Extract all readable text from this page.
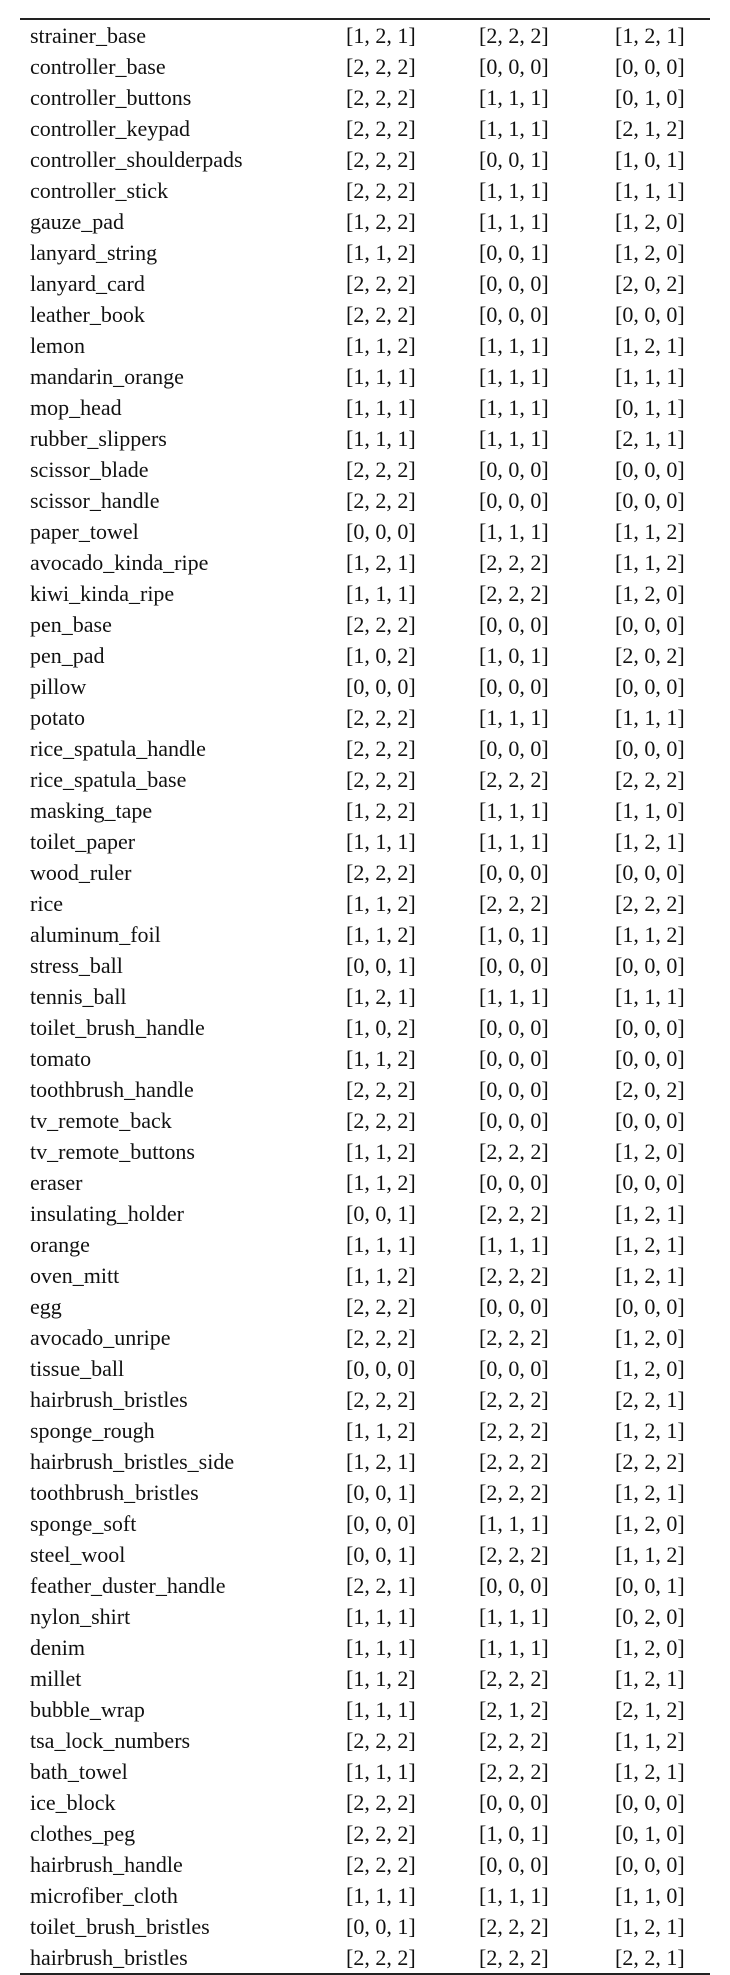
strainer_base	[1, 2, 1]	[2, 2, 2]	[1, 2, 1]
controller_base	[2, 2, 2]	[0, 0, 0]	[0, 0, 0]
controller_buttons	[2, 2, 2]	[1, 1, 1]	[0, 1, 0]
controller_keypad	[2, 2, 2]	[1, 1, 1]	[2, 1, 2]
controller_shoulderpads	[2, 2, 2]	[0, 0, 1]	[1, 0, 1]
controller_stick	[2, 2, 2]	[1, 1, 1]	[1, 1, 1]
gauze_pad	[1, 2, 2]	[1, 1, 1]	[1, 2, 0]
lanyard_string	[1, 1, 2]	[0, 0, 1]	[1, 2, 0]
lanyard_card	[2, 2, 2]	[0, 0, 0]	[2, 0, 2]
leather_book	[2, 2, 2]	[0, 0, 0]	[0, 0, 0]
lemon	[1, 1, 2]	[1, 1, 1]	[1, 2, 1]
mandarin_orange	[1, 1, 1]	[1, 1, 1]	[1, 1, 1]
mop_head	[1, 1, 1]	[1, 1, 1]	[0, 1, 1]
rubber_slippers	[1, 1, 1]	[1, 1, 1]	[2, 1, 1]
scissor_blade	[2, 2, 2]	[0, 0, 0]	[0, 0, 0]
scissor_handle	[2, 2, 2]	[0, 0, 0]	[0, 0, 0]
paper_towel	[0, 0, 0]	[1, 1, 1]	[1, 1, 2]
avocado_kinda_ripe	[1, 2, 1]	[2, 2, 2]	[1, 1, 2]
kiwi_kinda_ripe	[1, 1, 1]	[2, 2, 2]	[1, 2, 0]
pen_base	[2, 2, 2]	[0, 0, 0]	[0, 0, 0]
pen_pad	[1, 0, 2]	[1, 0, 1]	[2, 0, 2]
pillow	[0, 0, 0]	[0, 0, 0]	[0, 0, 0]
potato	[2, 2, 2]	[1, 1, 1]	[1, 1, 1]
rice_spatula_handle	[2, 2, 2]	[0, 0, 0]	[0, 0, 0]
rice_spatula_base	[2, 2, 2]	[2, 2, 2]	[2, 2, 2]
masking_tape	[1, 2, 2]	[1, 1, 1]	[1, 1, 0]
toilet_paper	[1, 1, 1]	[1, 1, 1]	[1, 2, 1]
wood_ruler	[2, 2, 2]	[0, 0, 0]	[0, 0, 0]
rice	[1, 1, 2]	[2, 2, 2]	[2, 2, 2]
aluminum_foil	[1, 1, 2]	[1, 0, 1]	[1, 1, 2]
stress_ball	[0, 0, 1]	[0, 0, 0]	[0, 0, 0]
tennis_ball	[1, 2, 1]	[1, 1, 1]	[1, 1, 1]
toilet_brush_handle	[1, 0, 2]	[0, 0, 0]	[0, 0, 0]
tomato	[1, 1, 2]	[0, 0, 0]	[0, 0, 0]
toothbrush_handle	[2, 2, 2]	[0, 0, 0]	[2, 0, 2]
tv_remote_back	[2, 2, 2]	[0, 0, 0]	[0, 0, 0]
tv_remote_buttons	[1, 1, 2]	[2, 2, 2]	[1, 2, 0]
eraser	[1, 1, 2]	[0, 0, 0]	[0, 0, 0]
insulating_holder	[0, 0, 1]	[2, 2, 2]	[1, 2, 1]
orange	[1, 1, 1]	[1, 1, 1]	[1, 2, 1]
oven_mitt	[1, 1, 2]	[2, 2, 2]	[1, 2, 1]
egg	[2, 2, 2]	[0, 0, 0]	[0, 0, 0]
avocado_unripe	[2, 2, 2]	[2, 2, 2]	[1, 2, 0]
tissue_ball	[0, 0, 0]	[0, 0, 0]	[1, 2, 0]
hairbrush_bristles	[2, 2, 2]	[2, 2, 2]	[2, 2, 1]
sponge_rough	[1, 1, 2]	[2, 2, 2]	[1, 2, 1]
hairbrush_bristles_side	[1, 2, 1]	[2, 2, 2]	[2, 2, 2]
toothbrush_bristles	[0, 0, 1]	[2, 2, 2]	[1, 2, 1]
sponge_soft	[0, 0, 0]	[1, 1, 1]	[1, 2, 0]
steel_wool	[0, 0, 1]	[2, 2, 2]	[1, 1, 2]
feather_duster_handle	[2, 2, 1]	[0, 0, 0]	[0, 0, 1]
nylon_shirt	[1, 1, 1]	[1, 1, 1]	[0, 2, 0]
denim	[1, 1, 1]	[1, 1, 1]	[1, 2, 0]
millet	[1, 1, 2]	[2, 2, 2]	[1, 2, 1]
bubble_wrap	[1, 1, 1]	[2, 1, 2]	[2, 1, 2]
tsa_lock_numbers	[2, 2, 2]	[2, 2, 2]	[1, 1, 2]
bath_towel	[1, 1, 1]	[2, 2, 2]	[1, 2, 1]
ice_block	[2, 2, 2]	[0, 0, 0]	[0, 0, 0]
clothes_peg	[2, 2, 2]	[1, 0, 1]	[0, 1, 0]
hairbrush_handle	[2, 2, 2]	[0, 0, 0]	[0, 0, 0]
microfiber_cloth	[1, 1, 1]	[1, 1, 1]	[1, 1, 0]
toilet_brush_bristles	[0, 0, 1]	[2, 2, 2]	[1, 2, 1]
hairbrush_bristles	[2, 2, 2]	[2, 2, 2]	[2, 2, 1]
